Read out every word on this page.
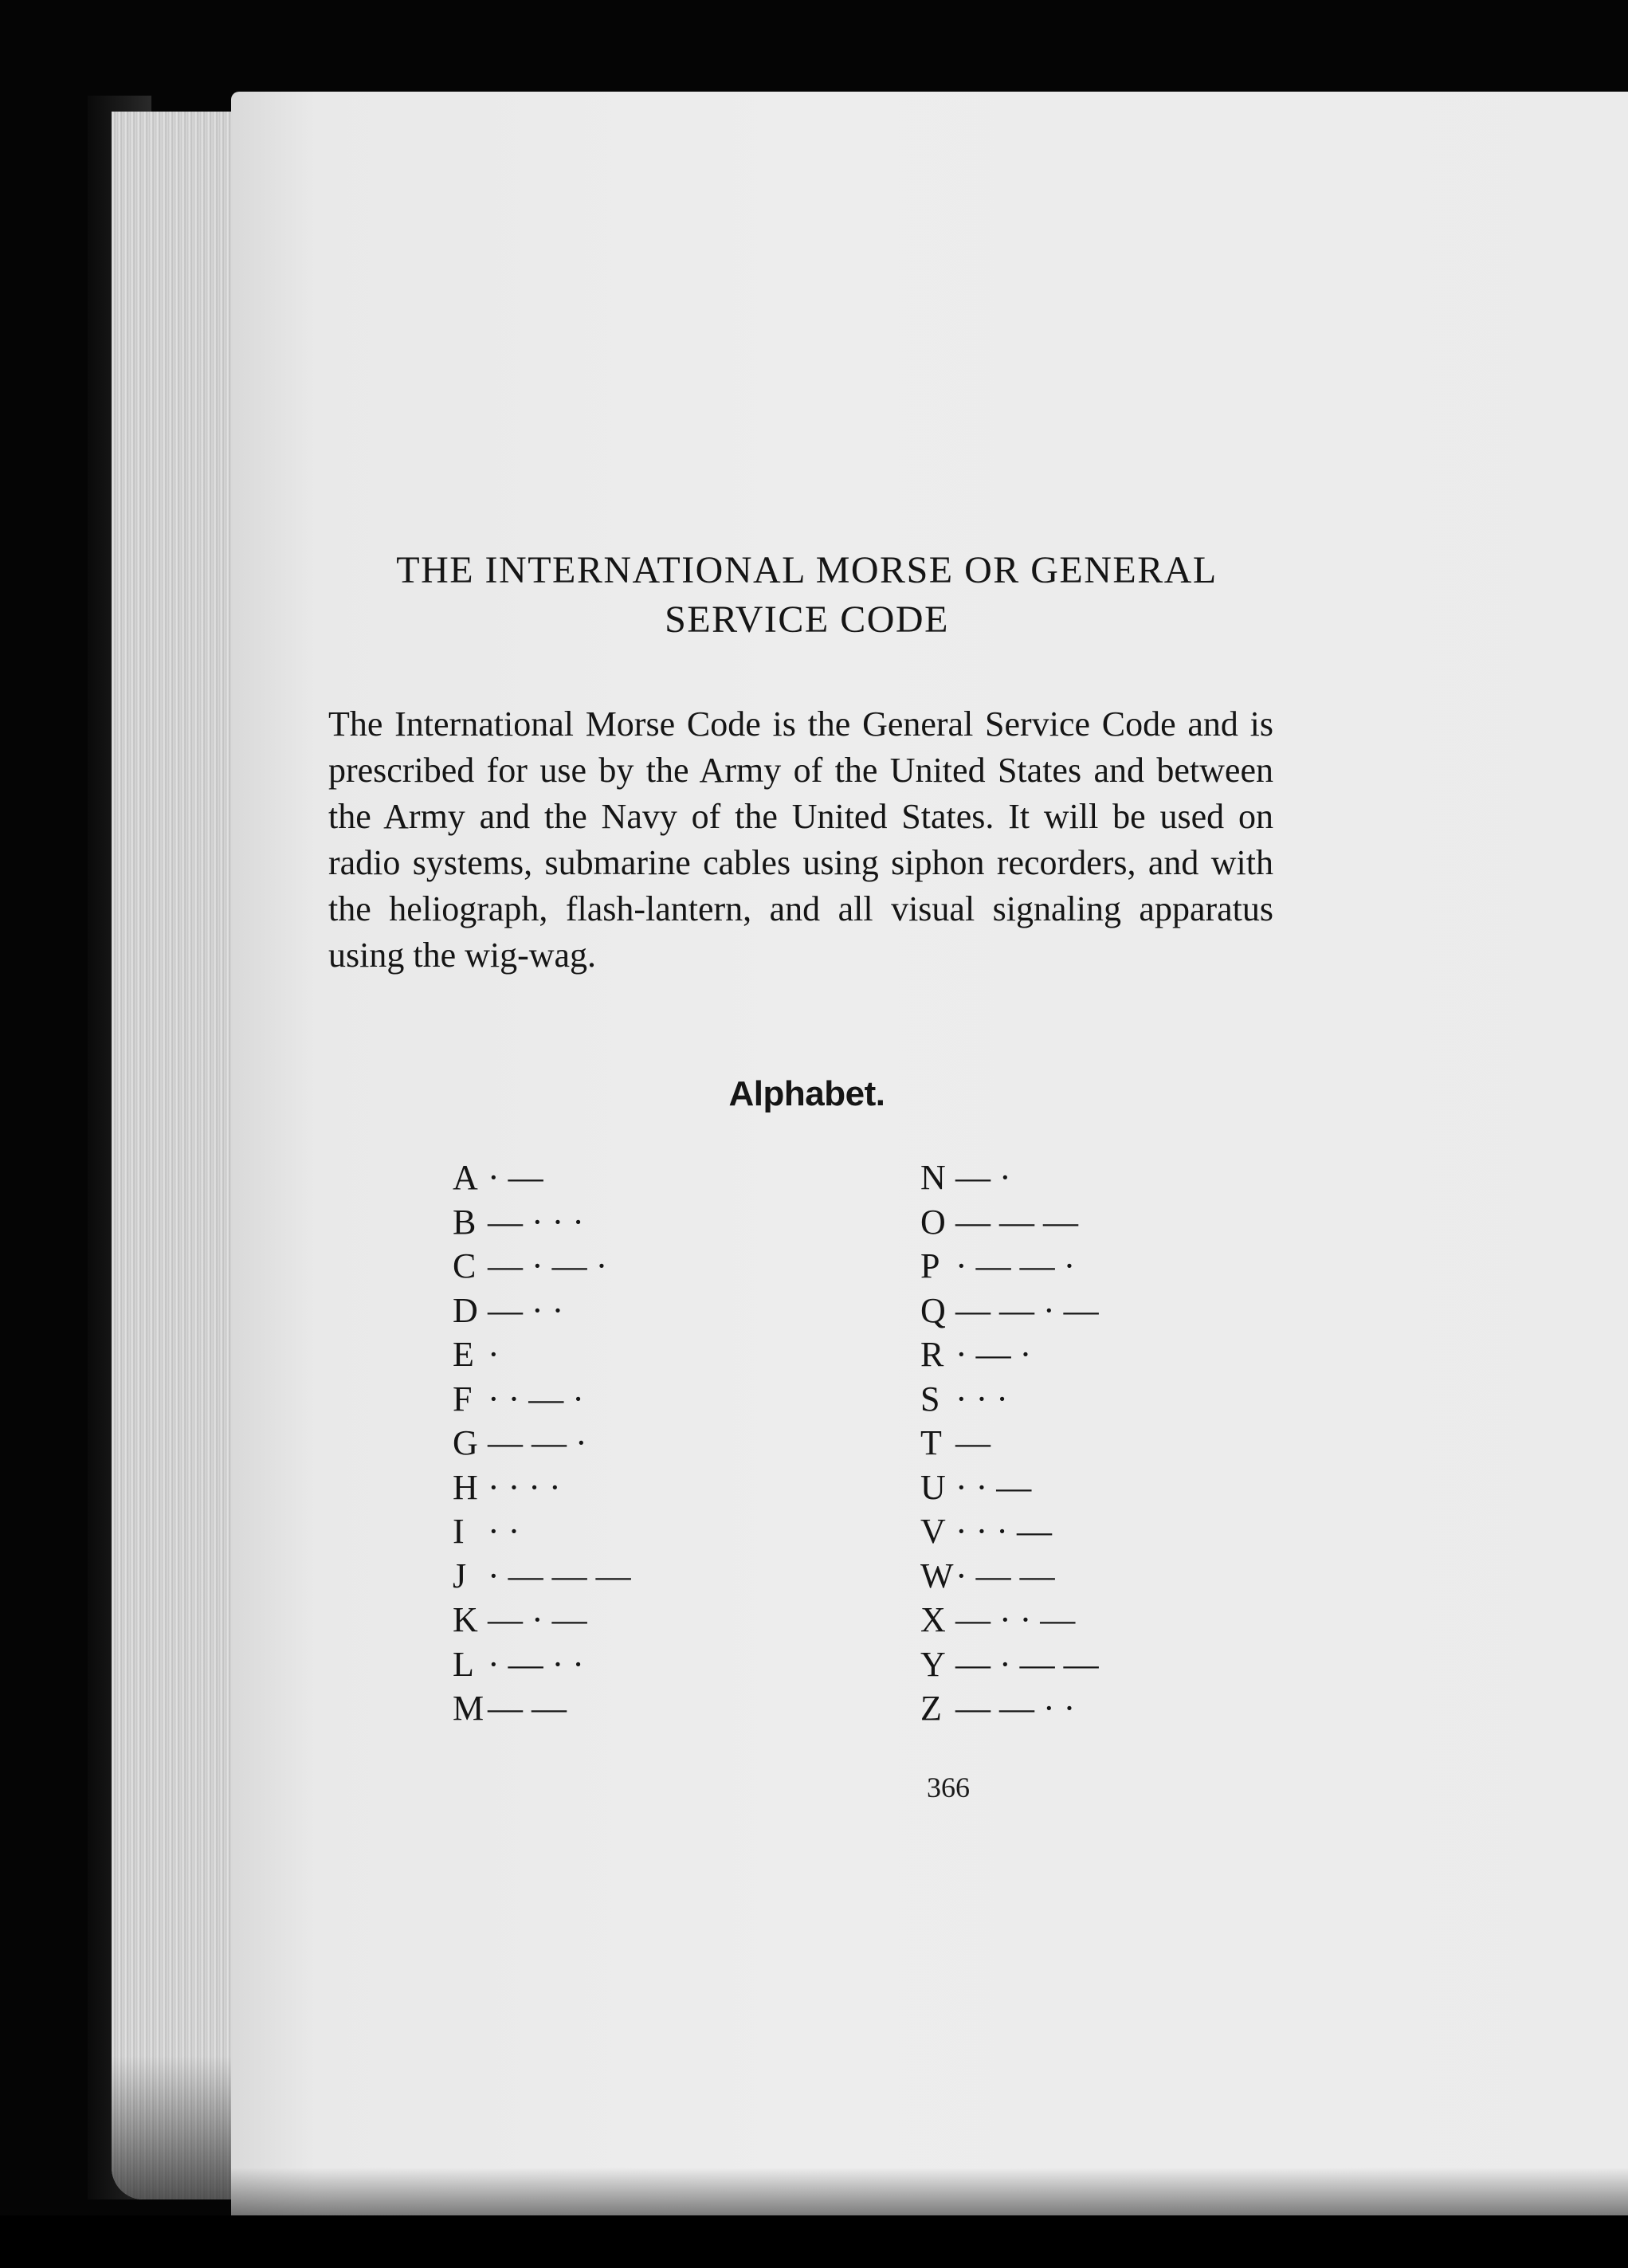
THE INTERNATIONAL MORSE OR GENERAL
SERVICE CODE
The International Morse Code is the General Service Code and is prescribed for use by the Army of the United States and between the Army and the Navy of the United States. It will be used on radio systems, submarine cables using siphon recorders, and with the heliograph, flash-lantern, and all visual signaling apparatus using the wig-wag.
Alphabet.
A · —
B — · · ·
C — · — ·
D — · ·
E ·
F · · — ·
G — — ·
H · · · ·
I · ·
J · — — —
K — · —
L · — · ·
M — —
N — ·
O — — —
P · — — ·
Q — — · —
R · — ·
S · · ·
T —
U · · —
V · · · —
W· — —
X — · · —
Y — · — —
Z — — · ·
366
